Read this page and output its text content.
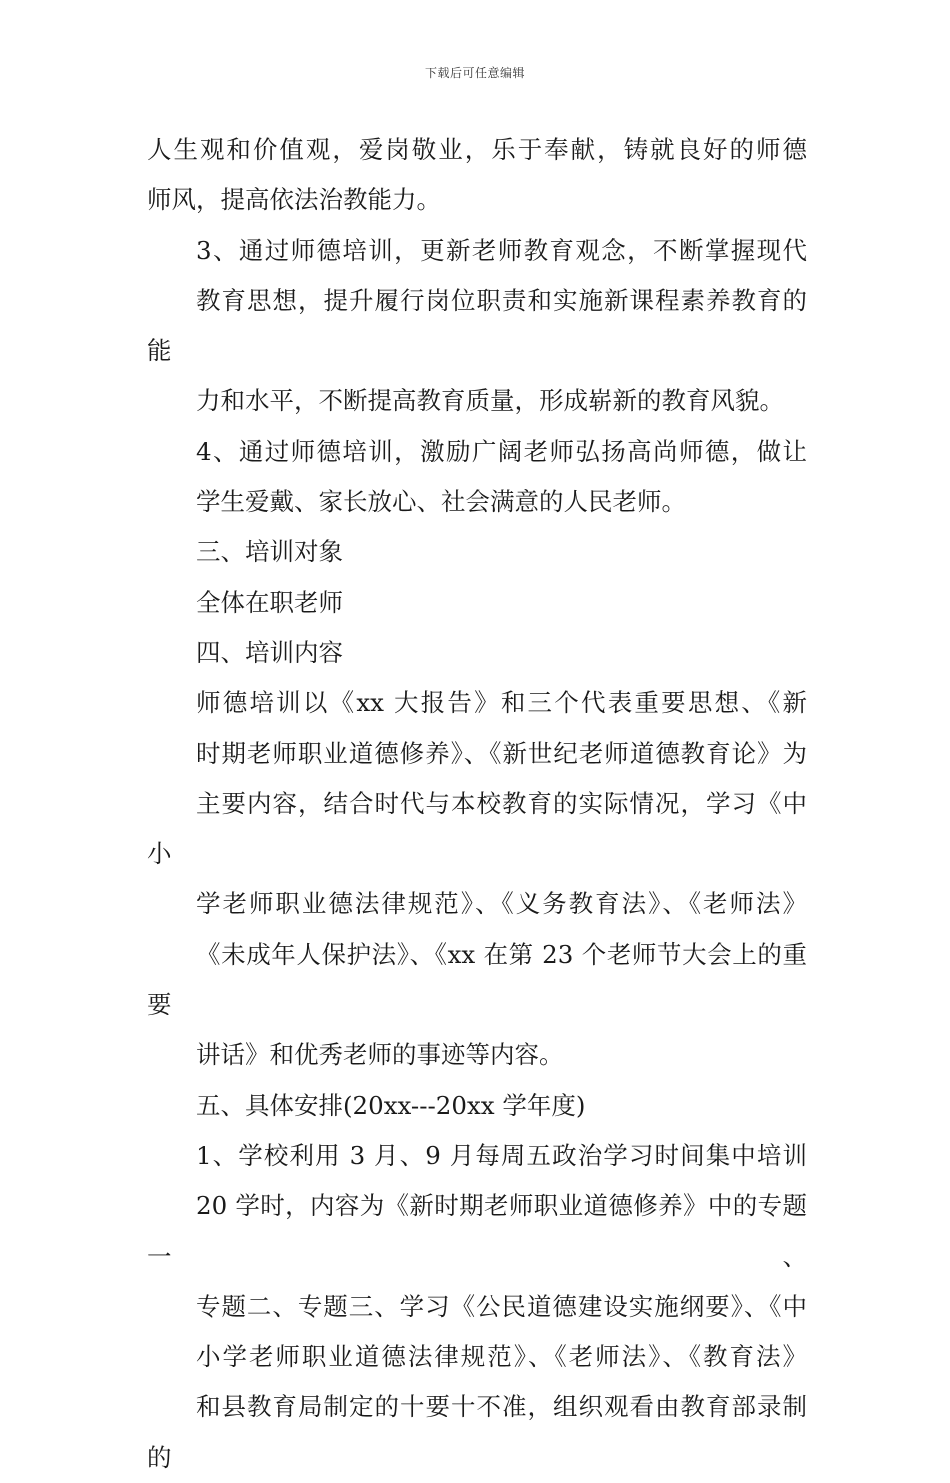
下载后可任意编辑

人生观和价值观，爱岗敬业，乐于奉献，铸就良好的师德
师风，提高依法治教能力。

3、通过师德培训，更新老师教育观念，不断掌握现代
教育思想，提升履行岗位职责和实施新课程素养教育的能
力和水平，不断提高教育质量，形成崭新的教育风貌。

4、通过师德培训，激励广阔老师弘扬高尚师德，做让
学生爱戴、家长放心、社会满意的人民老师。

三、培训对象

全体在职老师

四、培训内容

师德培训以《xx 大报告》和三个代表重要思想、《新
时期老师职业道德修养》、《新世纪老师道德教育论》为
主要内容，结合时代与本校教育的实际情况，学习《中小
学老师职业德法律规范》、《义务教育法》、《老师法》
《未成年人保护法》、《xx 在第 23 个老师节大会上的重要
讲话》和优秀老师的事迹等内容。

五、具体安排(20xx---20xx 学年度)

1、学校利用 3 月、9 月每周五政治学习时间集中培训
20 学时，内容为《新时期老师职业道德修养》中的专题一、
专题二、专题三、学习《公民道德建设实施纲要》、《中
小学老师职业道德法律规范》、《老师法》、《教育法》
和县教育局制定的十要十不准，组织观看由教育部录制的
